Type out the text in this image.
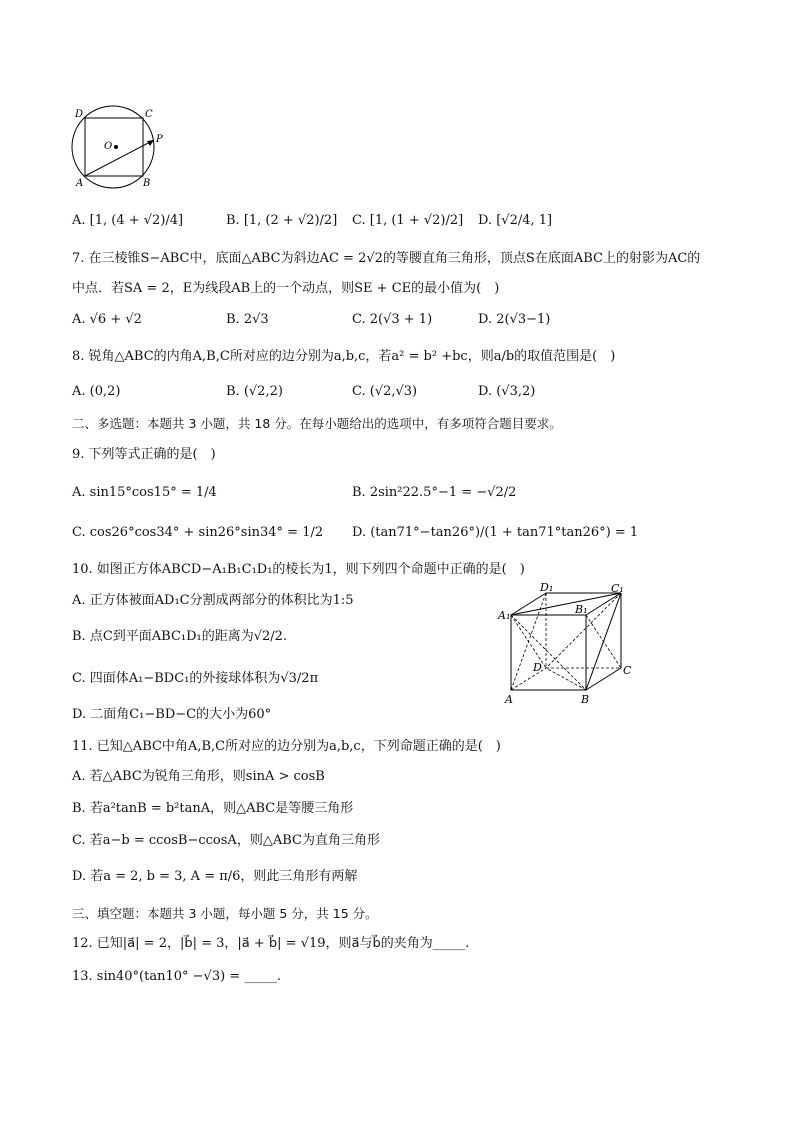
D	C
A	B
P
O
A. [1, (4 + √2)/4]	B. [1, (2 + √2)/2] C. [1, (1 + √2)/2] D. [√2/4, 1]
7. 在三棱锥S−ABC中，底面△ABC为斜边AC = 2√2的等腰直角三角形，顶点S在底面ABC上的射影为AC的
中点．若SA = 2，E为线段AB上的一个动点，则SE + CE的最小值为(　)
A. √6 + √2	B. 2√3	C. 2(√3 + 1)	D. 2(√3−1)
8. 锐角△ABC的内角A,B,C所对应的边分别为a,b,c，若a² = b² +bc，则a/b的取值范围是(　)
A. (0,2)	B. (√2,2)	C. (√2,√3)	D. (√3,2)
二、多选题：本题共 3 小题，共 18 分。在每小题给出的选项中，有多项符合题目要求。
9. 下列等式正确的是(　)
A. sin15°cos15° = 1/4	B. 2sin²22.5°−1 = −√2/2
C. cos26°cos34° + sin26°sin34° = 1/2 D. (tan71°−tan26°)/(1 + tan71°tan26°) = 1
10. 如图正方体ABCD−A₁B₁C₁D₁的棱长为1，则下列四个命题中正确的是(　)
A. 正方体被面AD₁C分割成两部分的体积比为1:5
B. 点C到平面ABC₁D₁的距离为√2/2.
C. 四面体A₁−BDC₁的外接球体积为√3/2π
D. 二面角C₁−BD−C的大小为60°
D₁	C₁
A₁	B₁
D	C
A	B
11. 已知△ABC中角A,B,C所对应的边分别为a,b,c，下列命题正确的是(　)
A. 若△ABC为锐角三角形，则sinA > cosB
B. 若a²tanB = b²tanA，则△ABC是等腰三角形
C. 若a−b = ccosB−ccosA，则△ABC为直角三角形
D. 若a = 2, b = 3, A = π/6，则此三角形有两解
三、填空题：本题共 3 小题，每小题 5 分，共 15 分。
12. 已知|a⃗| = 2，|b⃗| = 3，|a⃗ + b⃗| = √19，则a⃗与b⃗的夹角为_____.
13. sin40°(tan10° −√3) = _____.
